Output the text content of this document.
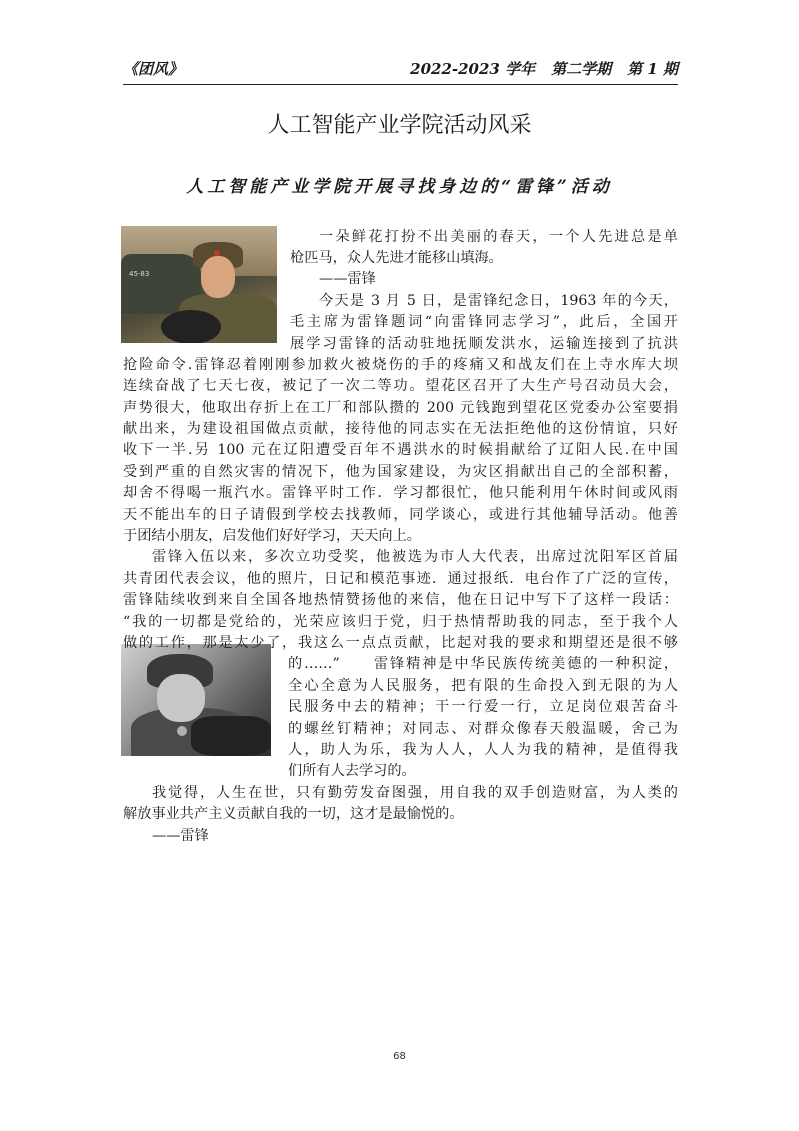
《团风》	2022-2023 学年 第二学期 第 1 期
人工智能产业学院活动风采
人工智能产业学院开展寻找身边的“雷锋”活动
45-83

一朵鲜花打扮不出美丽的春天，一个人先进总是单

枪匹马，众人先进才能移山填海。

——雷锋

今天是 3 月 5 日，是雷锋纪念日，1963 年的今天，

毛主席为雷锋题词“向雷锋同志学习”，此后，全国开

展学习雷锋的活动驻地抚顺发洪水，运输连接到了抗洪

抢险命令.雷锋忍着刚刚参加救火被烧伤的手的疼痛又和战友们在上寺水库大坝

连续奋战了七天七夜，被记了一次二等功。望花区召开了大生产号召动员大会，

声势很大，他取出存折上在工厂和部队攒的 200 元钱跑到望花区党委办公室要捐

献出来，为建设祖国做点贡献，接待他的同志实在无法拒绝他的这份情谊，只好

收下一半.另 100 元在辽阳遭受百年不遇洪水的时候捐献给了辽阳人民.在中国

受到严重的自然灾害的情况下，他为国家建设，为灾区捐献出自己的全部积蓄，

却舍不得喝一瓶汽水。雷锋平时工作．学习都很忙，他只能利用午休时间或风雨

天不能出车的日子请假到学校去找教师，同学谈心，或进行其他辅导活动。他善

于团结小朋友，启发他们好好学习，天天向上。

雷锋入伍以来，多次立功受奖，他被选为市人大代表，出席过沈阳军区首届

共青团代表会议，他的照片，日记和模范事迹．通过报纸．电台作了广泛的宣传，

雷锋陆续收到来自全国各地热情赞扬他的来信，他在日记中写下了这样一段话：

“我的一切都是党给的，光荣应该归于党，归于热情帮助我的同志，至于我个人

做的工作，那是太少了，我这么一点点贡献，比起对我的要求和期望还是很不够

的……”　　雷锋精神是中华民族传统美德的一种积淀，

全心全意为人民服务，把有限的生命投入到无限的为人

民服务中去的精神；干一行爱一行，立足岗位艰苦奋斗

的螺丝钉精神；对同志、对群众像春天般温暖，舍己为

人，助人为乐，我为人人，人人为我的精神，是值得我

们所有人去学习的。

我觉得，人生在世，只有勤劳发奋图强，用自我的双手创造财富，为人类的

解放事业共产主义贡献自我的一切，这才是最愉悦的。

——雷锋

68
